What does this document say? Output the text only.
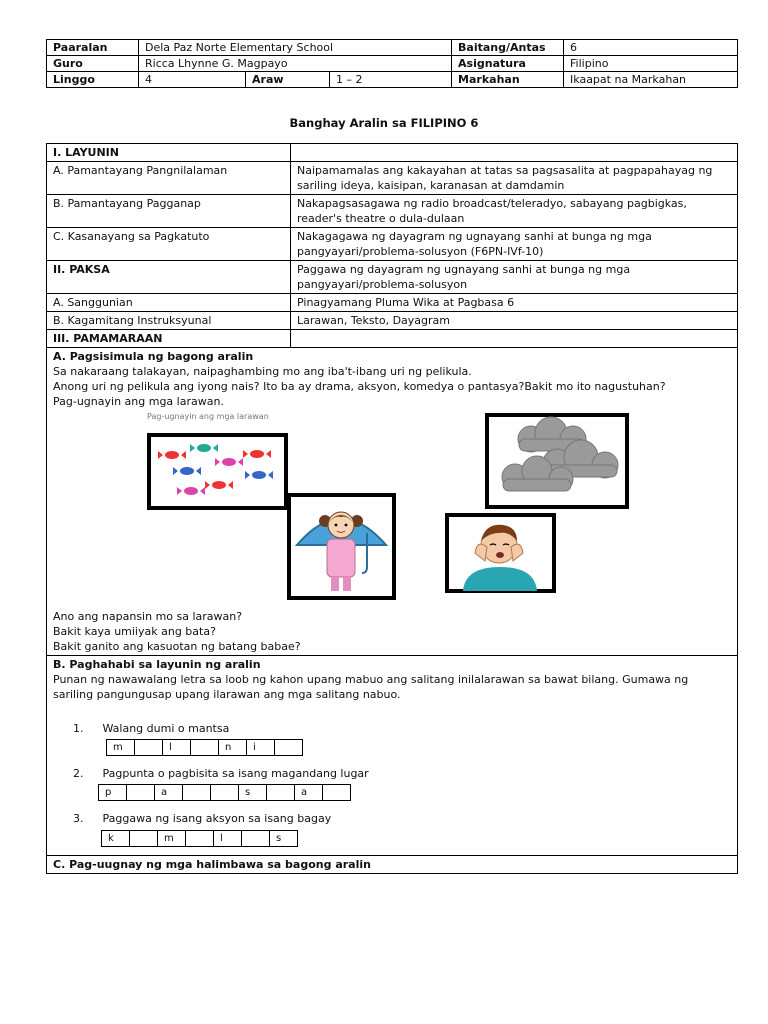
Paaralan	Dela Paz Norte Elementary School			Baitang/Antas	6
Guro	Ricca Lhynne G. Magpayo			Asignatura	Filipino
Linggo	4	Araw	1 – 2	Markahan	Ikaapat na Markahan
Banghay Aralin sa FILIPINO 6
I. LAYUNIN	
A. Pamantayang Pangnilalaman	Naipamamalas ang kakayahan at tatas sa pagsasalita at pagpapahayag ng sariling ideya, kaisipan, karanasan at damdamin
B. Pamantayang Pagganap	Nakapagsasagawa ng radio broadcast/teleradyo, sabayang pagbigkas, reader's theatre o dula-dulaan
C. Kasanayang sa Pagkatuto	Nakagagawa ng dayagram ng ugnayang sanhi at bunga ng mga pangyayari/problema-solusyon (F6PN-IVf-10)
II. PAKSA	Paggawa ng dayagram ng ugnayang sanhi at bunga ng mga pangyayari/problema-solusyon
A. Sanggunian	Pinagyamang Pluma Wika at Pagbasa 6
B. Kagamitang Instruksyunal	Larawan, Teksto, Dayagram
III. PAMAMARAAN	

A. Pagsisimula ng bagong aralin
Sa nakaraang talakayan, naipaghambing mo ang iba't-ibang uri ng pelikula.
Anong uri ng pelikula ang iyong nais? Ito ba ay drama, aksyon, komedya o pantasya?Bakit mo ito nagustuhan?
Pag-ugnayin ang mga larawan.
Pag-ugnayin ang mga larawan
Ano ang napansin mo sa larawan?
Bakit kaya umiiyak ang bata?
Bakit ganito ang kasuotan ng batang babae?

B. Paghahabi sa layunin ng aralin
Punan ng nawawalang letra sa loob ng kahon upang mabuo ang salitang inilalarawan sa bawat bilang. Gumawa ng sariling pangungusap upang ilarawan ang mga salitang nabuo.
1. Walang dumi o mantsa
m		l		n	i	
2. Pagpunta o pagbisita sa isang magandang lugar
p		a			s		a	
3. Paggawa ng isang aksyon sa isang bagay
k		m		l		s

C. Pag-uugnay ng mga halimbawa sa bagong aralin
